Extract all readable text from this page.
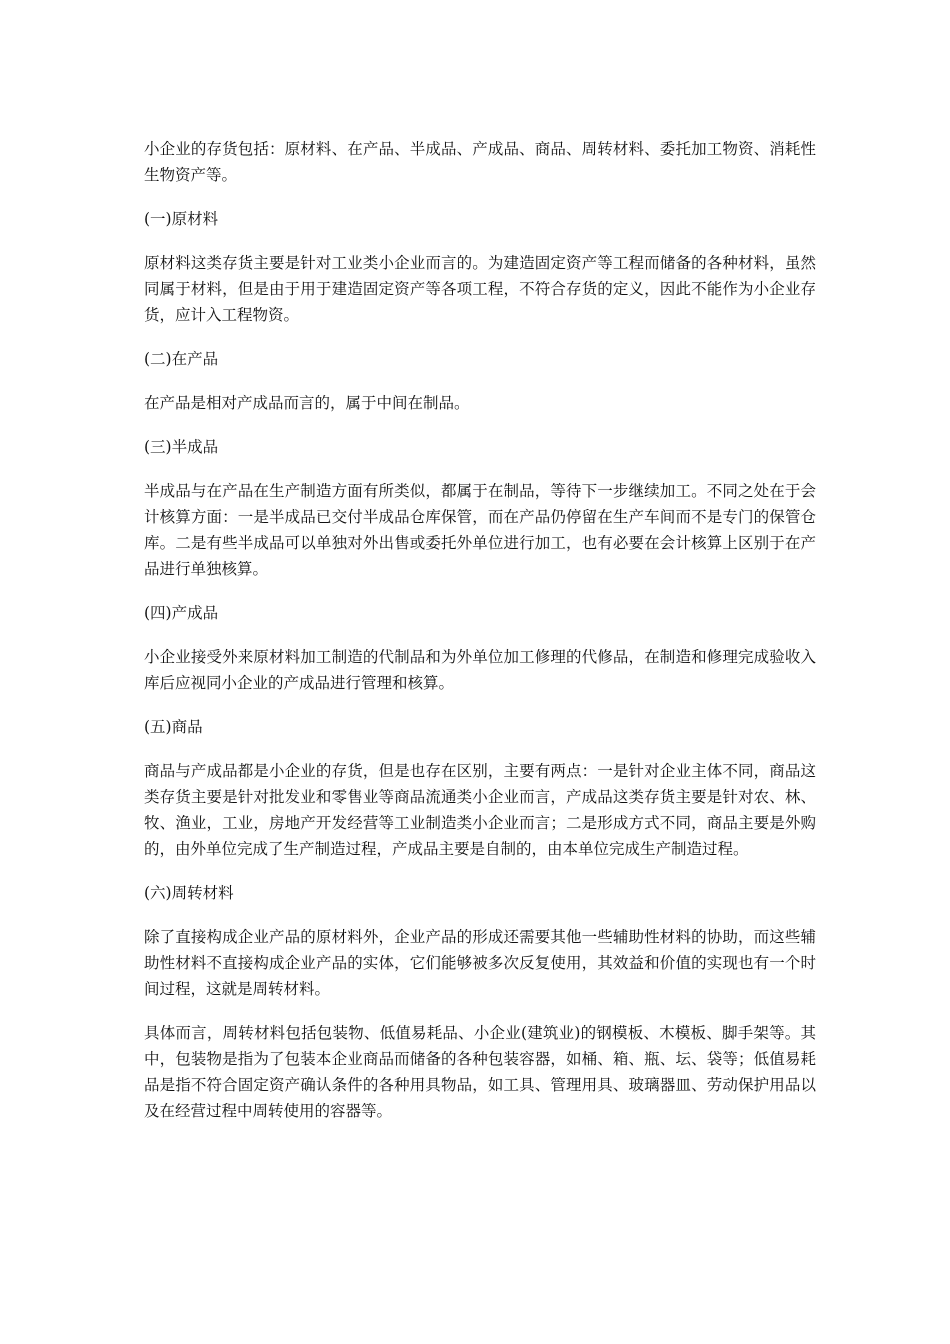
小企业的存货包括：原材料、在产品、半成品、产成品、商品、周转材料、委托加工物资、消耗性生物资产等。

(一)原材料

原材料这类存货主要是针对工业类小企业而言的。为建造固定资产等工程而储备的各种材料，虽然同属于材料，但是由于用于建造固定资产等各项工程，不符合存货的定义，因此不能作为小企业存货，应计入工程物资。

(二)在产品

在产品是相对产成品而言的，属于中间在制品。

(三)半成品

半成品与在产品在生产制造方面有所类似，都属于在制品，等待下一步继续加工。不同之处在于会计核算方面：一是半成品已交付半成品仓库保管，而在产品仍停留在生产车间而不是专门的保管仓库。二是有些半成品可以单独对外出售或委托外单位进行加工，也有必要在会计核算上区别于在产品进行单独核算。

(四)产成品

小企业接受外来原材料加工制造的代制品和为外单位加工修理的代修品，在制造和修理完成验收入库后应视同小企业的产成品进行管理和核算。

(五)商品

商品与产成品都是小企业的存货，但是也存在区别，主要有两点：一是针对企业主体不同，商品这类存货主要是针对批发业和零售业等商品流通类小企业而言，产成品这类存货主要是针对农、林、牧、渔业，工业，房地产开发经营等工业制造类小企业而言；二是形成方式不同，商品主要是外购的，由外单位完成了生产制造过程，产成品主要是自制的，由本单位完成生产制造过程。

(六)周转材料

除了直接构成企业产品的原材料外，企业产品的形成还需要其他一些辅助性材料的协助，而这些辅助性材料不直接构成企业产品的实体，它们能够被多次反复使用，其效益和价值的实现也有一个时间过程，这就是周转材料。

具体而言，周转材料包括包装物、低值易耗品、小企业(建筑业)的钢模板、木模板、脚手架等。其中，包装物是指为了包装本企业商品而储备的各种包装容器，如桶、箱、瓶、坛、袋等；低值易耗品是指不符合固定资产确认条件的各种用具物品，如工具、管理用具、玻璃器皿、劳动保护用品以及在经营过程中周转使用的容器等。
